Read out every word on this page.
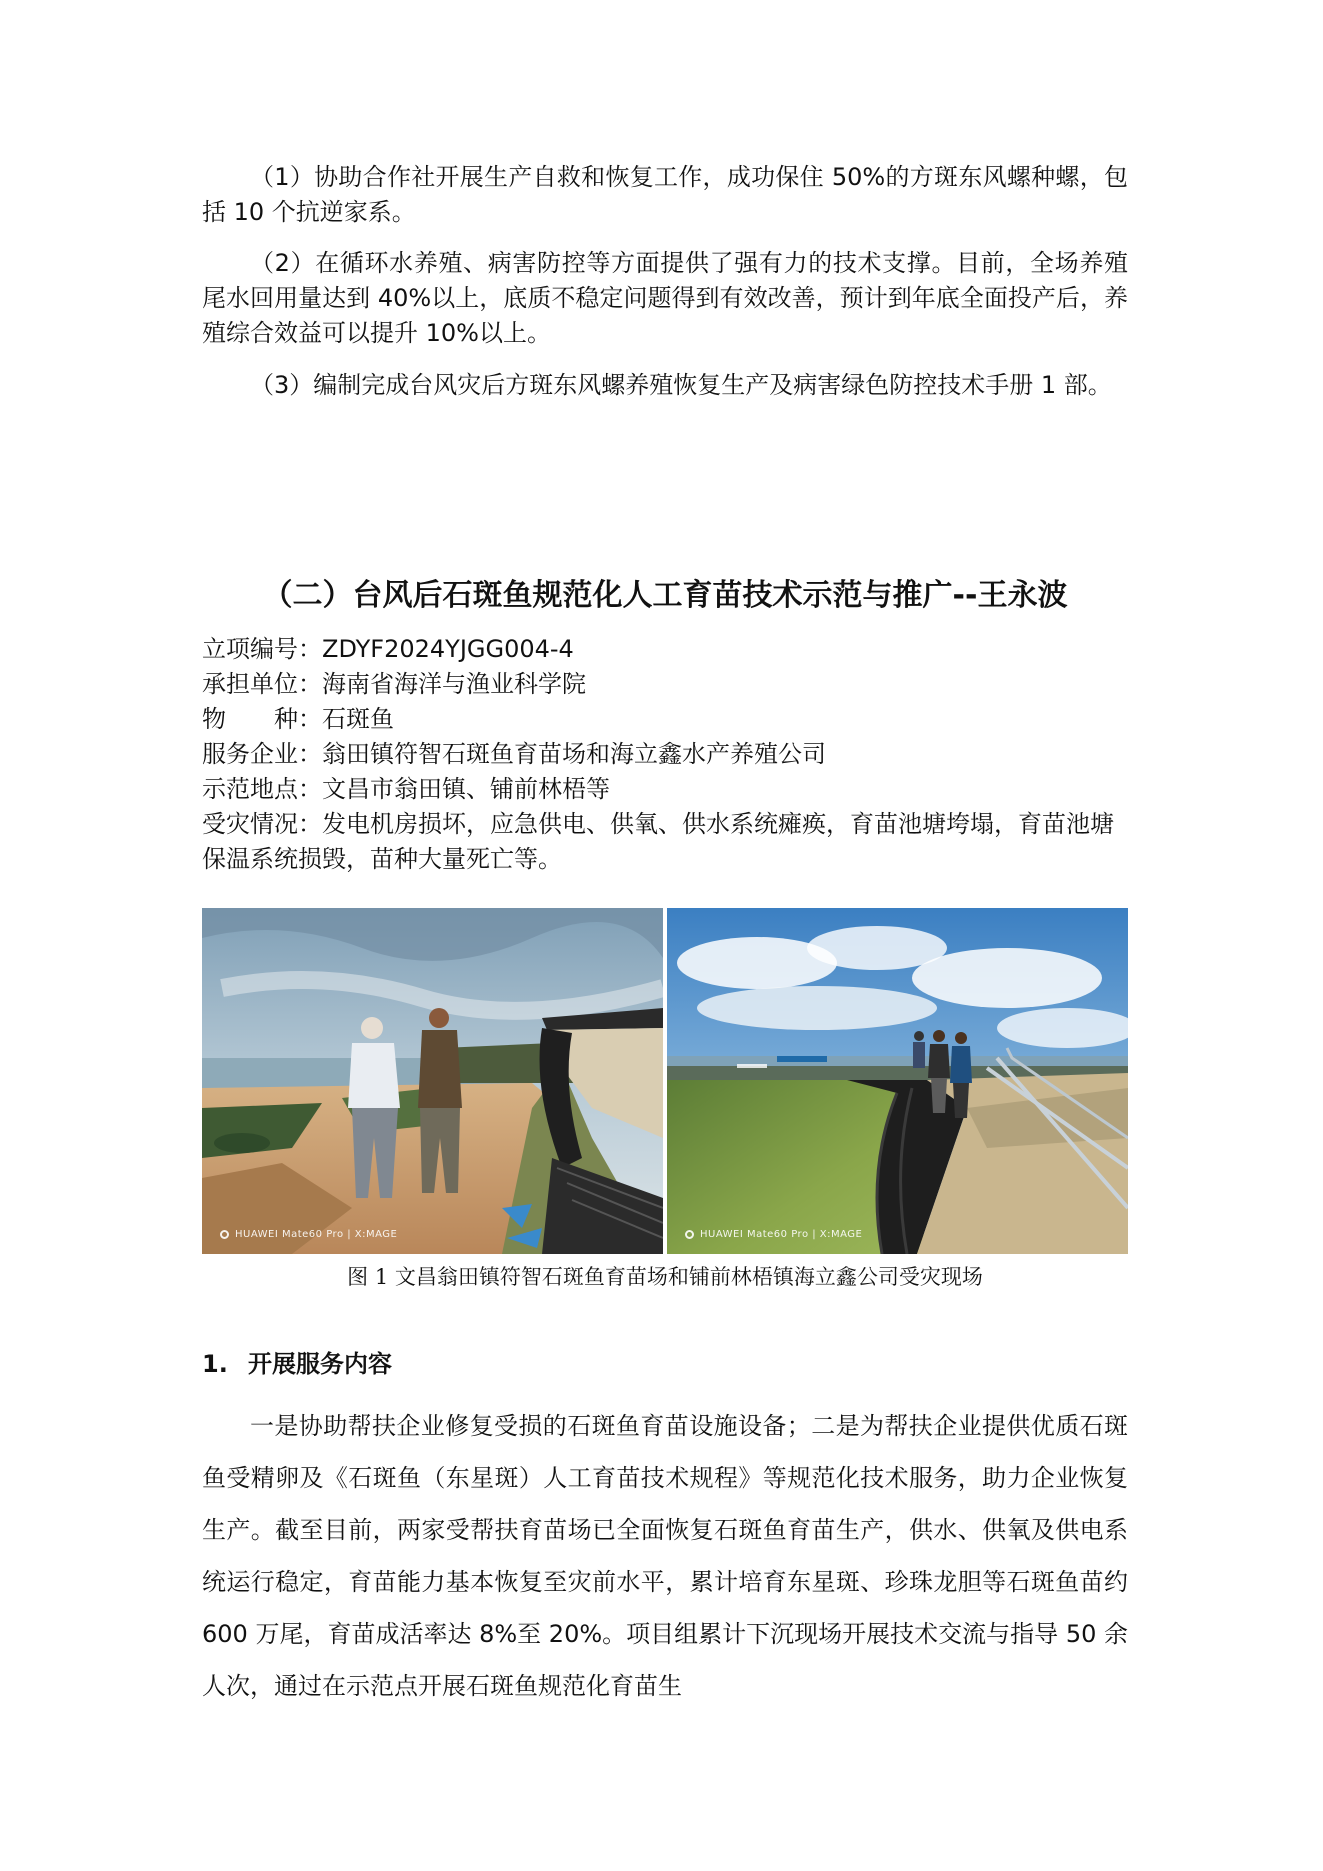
（1）协助合作社开展生产自救和恢复工作，成功保住 50%的方斑东风螺种螺，包括 10 个抗逆家系。

（2）在循环水养殖、病害防控等方面提供了强有力的技术支撑。目前，全场养殖尾水回用量达到 40%以上，底质不稳定问题得到有效改善，预计到年底全面投产后，养殖综合效益可以提升 10%以上。

（3）编制完成台风灾后方斑东风螺养殖恢复生产及病害绿色防控技术手册 1 部。

（二）台风后石斑鱼规范化人工育苗技术示范与推广--王永波
立项编号：ZDYF2024YJGG004-4
承担单位：海南省海洋与渔业科学院
物　　种：石斑鱼
服务企业：翁田镇符智石斑鱼育苗场和海立鑫水产养殖公司
示范地点：文昌市翁田镇、铺前林梧等
受灾情况：发电机房损坏，应急供电、供氧、供水系统瘫痪，育苗池塘垮塌，育苗池塘保温系统损毁，苗种大量死亡等。
HUAWEI Mate60 Pro | X:MAGE	HUAWEI Mate60 Pro | X:MAGE

图 1 文昌翁田镇符智石斑鱼育苗场和铺前林梧镇海立鑫公司受灾现场

1. 开展服务内容

一是协助帮扶企业修复受损的石斑鱼育苗设施设备；二是为帮扶企业提供优质石斑鱼受精卵及《石斑鱼（东星斑）人工育苗技术规程》等规范化技术服务，助力企业恢复生产。截至目前，两家受帮扶育苗场已全面恢复石斑鱼育苗生产，供水、供氧及供电系统运行稳定，育苗能力基本恢复至灾前水平，累计培育东星斑、珍珠龙胆等石斑鱼苗约 600 万尾，育苗成活率达 8%至 20%。项目组累计下沉现场开展技术交流与指导 50 余人次，通过在示范点开展石斑鱼规范化育苗生
